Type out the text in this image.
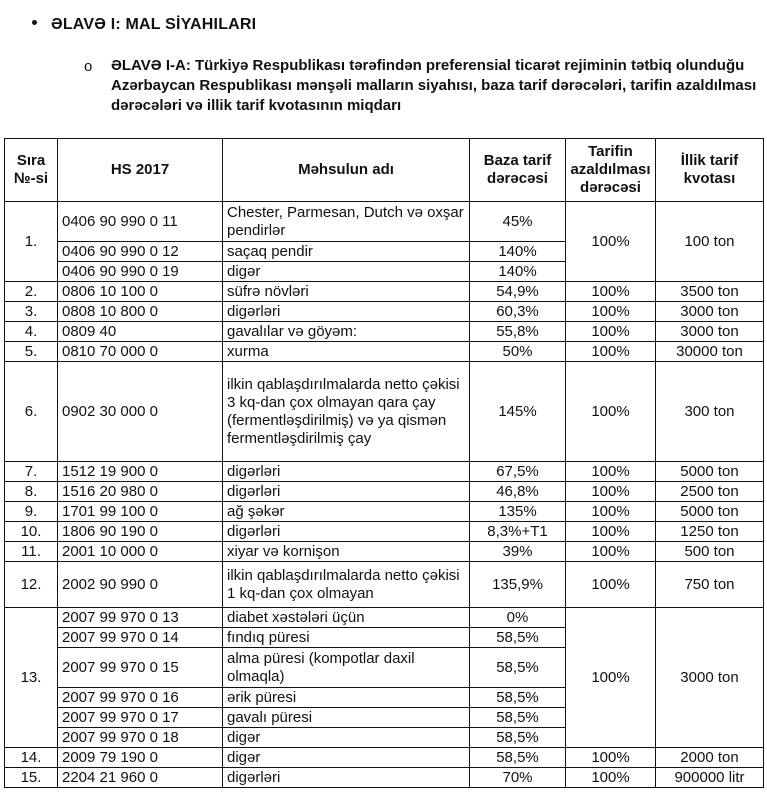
ƏLAVƏ I: MAL SİYAHILARI
o	ƏLAVƏ I-A: Türkiyə Respublikası tərəfindən preferensial ticarət rejiminin tətbiq olunduğu Azərbaycan Respublikası mənşəli malların siyahısı, baza tarif dərəcələri, tarifin azaldılması dərəcələri və illik tarif kvotasının miqdarı
Sıra №-si	HS 2017	Məhsulun adı	Baza tarif dərəcəsi	Tarifin azaldılması dərəcəsi	İllik tarif kvotası
1.	0406 90 990 0 11	Chester, Parmesan, Dutch və oxşar pendirlər	45%	100%	100 ton
	0406 90 990 0 12	saçaq pendir	140%		
	0406 90 990 0 19	digər	140%		
2.	0806 10 100 0	süfrə növləri	54,9%	100%	3500 ton
3.	0808 10 800 0	digərləri	60,3%	100%	3000 ton
4.	0809 40	gavalılar və göyəm:	55,8%	100%	3000 ton
5.	0810 70 000 0	xurma	50%	100%	30000 ton
6.	0902 30 000 0	ilkin qablaşdırılmalarda netto çəkisi 3 kq-dan çox olmayan qara çay (fermentləşdirilmiş) və ya qismən fermentləşdirilmiş çay	145%	100%	300 ton
7.	1512 19 900 0	digərləri	67,5%	100%	5000 ton
8.	1516 20 980 0	digərləri	46,8%	100%	2500 ton
9.	1701 99 100 0	ağ şəkər	135%	100%	5000 ton
10.	1806 90 190 0	digərləri	8,3%+T1	100%	1250 ton
11.	2001 10 000 0	xiyar və kornişon	39%	100%	500 ton
12.	2002 90 990 0	ilkin qablaşdırılmalarda netto çəkisi 1 kq-dan çox olmayan	135,9%	100%	750 ton
13.	2007 99 970 0 13	diabet xəstələri üçün	0%	100%	3000 ton
	2007 99 970 0 14	fındıq püresi	58,5%		
	2007 99 970 0 15	alma püresi (kompotlar daxil olmaqla)	58,5%		
	2007 99 970 0 16	ərik püresi	58,5%		
	2007 99 970 0 17	gavalı püresi	58,5%		
	2007 99 970 0 18	digər	58,5%		
14.	2009 79 190 0	digər	58,5%	100%	2000 ton
15.	2204 21 960 0	digərləri	70%	100%	900000 litr
